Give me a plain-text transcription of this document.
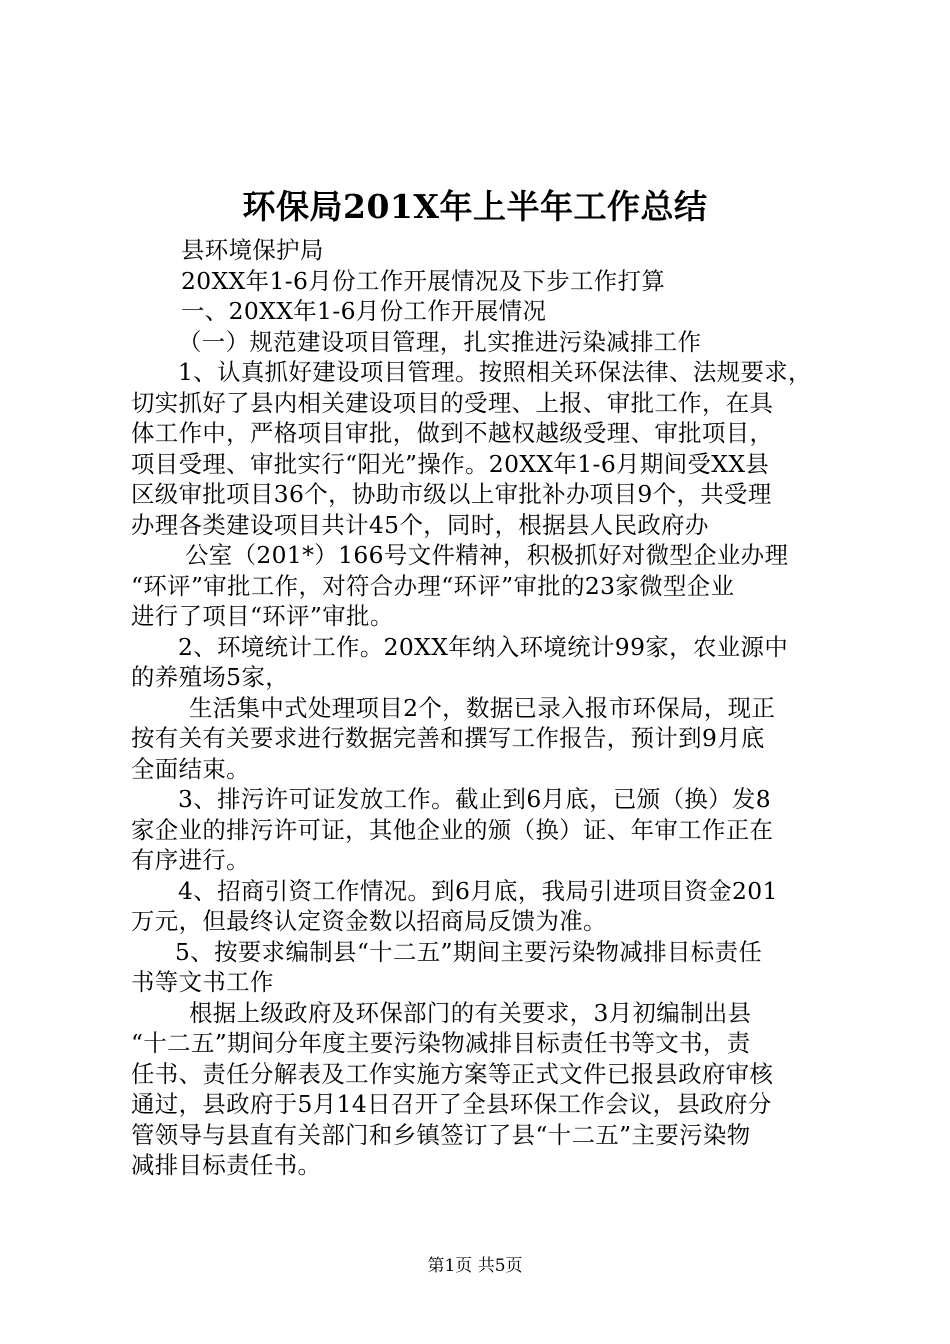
环保局201X年上半年工作总结
县环境保护局
20XX年1-6月份工作开展情况及下步工作打算
一、20XX年1-6月份工作开展情况
（一）规范建设项目管理，扎实推进污染减排工作
1、认真抓好建设项目管理。按照相关环保法律、法规要求，
切实抓好了县内相关建设项目的受理、上报、审批工作，在具
体工作中，严格项目审批，做到不越权越级受理、审批项目，
项目受理、审批实行“阳光”操作。20XX年1-6月期间受XX县
区级审批项目36个，协助市级以上审批补办项目9个，共受理
办理各类建设项目共计45个，同时，根据县人民政府办
公室（201*）166号文件精神，积极抓好对微型企业办理
“环评”审批工作，对符合办理“环评”审批的23家微型企业
进行了项目“环评”审批。
2、环境统计工作。20XX年纳入环境统计99家，农业源中
的养殖场5家，
生活集中式处理项目2个，数据已录入报市环保局，现正
按有关有关要求进行数据完善和撰写工作报告，预计到9月底
全面结束。
3、排污许可证发放工作。截止到6月底，已颁（换）发8
家企业的排污许可证，其他企业的颁（换）证、年审工作正在
有序进行。
4、招商引资工作情况。到6月底，我局引进项目资金201
万元，但最终认定资金数以招商局反馈为准。
5、按要求编制县“十二五”期间主要污染物减排目标责任
书等文书工作
根据上级政府及环保部门的有关要求，3月初编制出县
“十二五”期间分年度主要污染物减排目标责任书等文书，责
任书、责任分解表及工作实施方案等正式文件已报县政府审核
通过，县政府于5月14日召开了全县环保工作会议，县政府分
管领导与县直有关部门和乡镇签订了县“十二五”主要污染物
减排目标责任书。
第1页 共5页
